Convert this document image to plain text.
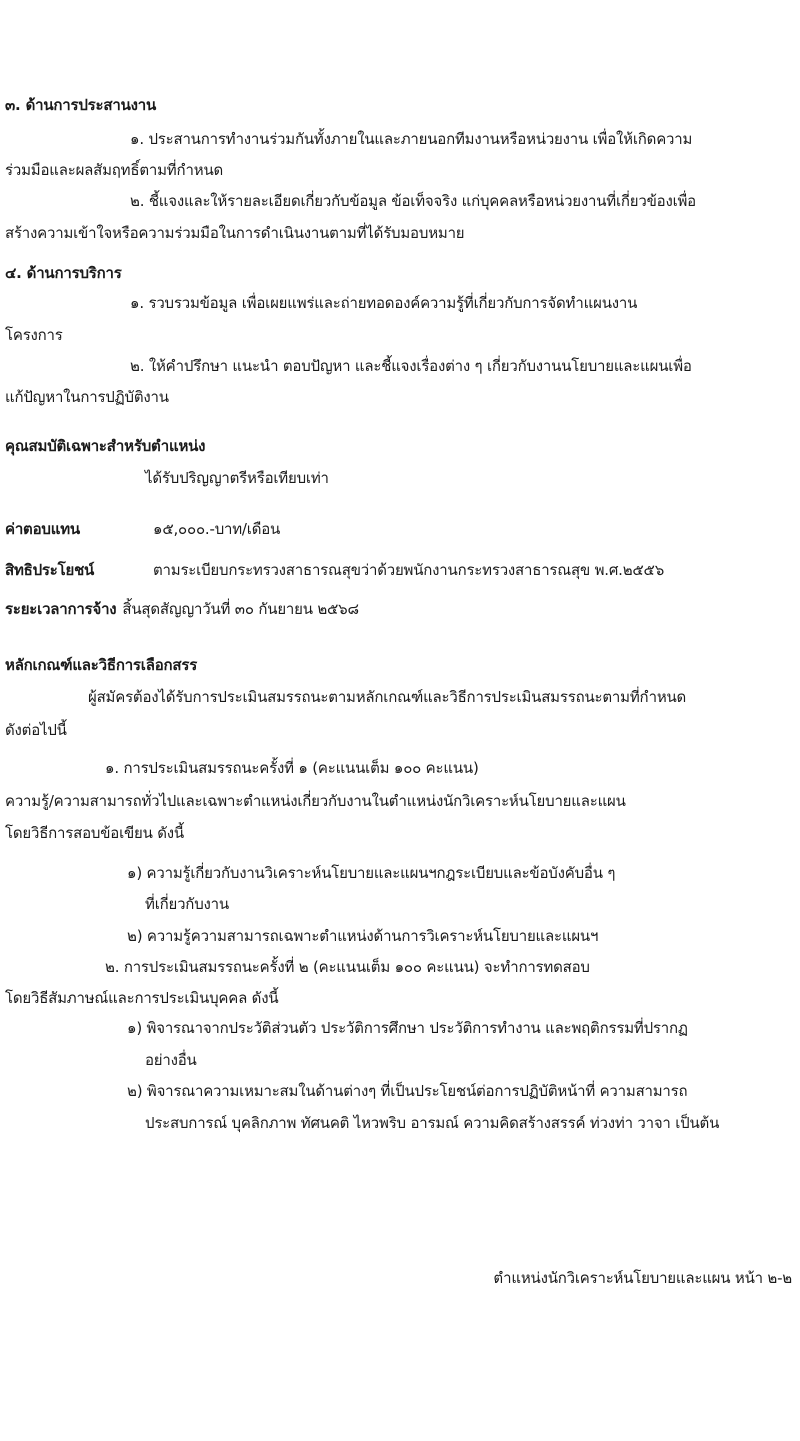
๓. ด้านการประสานงาน

๑. ประสานการทำงานร่วมกันทั้งภายในและภายนอกทีมงานหรือหน่วยงาน เพื่อให้เกิดความ

ร่วมมือและผลสัมฤทธิ์ตามที่กำหนด

๒. ชี้แจงและให้รายละเอียดเกี่ยวกับข้อมูล ข้อเท็จจริง แก่บุคคลหรือหน่วยงานที่เกี่ยวข้องเพื่อ

สร้างความเข้าใจหรือความร่วมมือในการดำเนินงานตามที่ได้รับมอบหมาย

๔. ด้านการบริการ

๑. รวบรวมข้อมูล เพื่อเผยแพร่และถ่ายทอดองค์ความรู้ที่เกี่ยวกับการจัดทำแผนงาน

โครงการ

๒. ให้คำปรึกษา แนะนำ ตอบปัญหา และชี้แจงเรื่องต่าง ๆ เกี่ยวกับงานนโยบายและแผนเพื่อ

แก้ปัญหาในการปฏิบัติงาน

คุณสมบัติเฉพาะสำหรับตำแหน่ง

ได้รับปริญญาตรีหรือเทียบเท่า

ค่าตอบแทน	๑๕,๐๐๐.-บาท/เดือน

สิทธิประโยชน์	ตามระเบียบกระทรวงสาธารณสุขว่าด้วยพนักงานกระทรวงสาธารณสุข พ.ศ.๒๕๕๖

ระยะเวลาการจ้าง สิ้นสุดสัญญาวันที่ ๓๐ กันยายน ๒๕๖๘

หลักเกณฑ์และวิธีการเลือกสรร

ผู้สมัครต้องได้รับการประเมินสมรรถนะตามหลักเกณฑ์และวิธีการประเมินสมรรถนะตามที่กำหนด

ดังต่อไปนี้

๑. การประเมินสมรรถนะครั้งที่ ๑ (คะแนนเต็ม ๑๐๐ คะแนน)

ความรู้/ความสามารถทั่วไปและเฉพาะตำแหน่งเกี่ยวกับงานในตำแหน่งนักวิเคราะห์นโยบายและแผน

โดยวิธีการสอบข้อเขียน ดังนี้

๑) ความรู้เกี่ยวกับงานวิเคราะห์นโยบายและแผนฯกฎระเบียบและข้อบังคับอื่น ๆ

ที่เกี่ยวกับงาน

๒) ความรู้ความสามารถเฉพาะตำแหน่งด้านการวิเคราะห์นโยบายและแผนฯ

๒. การประเมินสมรรถนะครั้งที่ ๒ (คะแนนเต็ม ๑๐๐ คะแนน) จะทำการทดสอบ

โดยวิธีสัมภาษณ์และการประเมินบุคคล ดังนี้

๑) พิจารณาจากประวัติส่วนตัว ประวัติการศึกษา ประวัติการทำงาน และพฤติกรรมที่ปรากฏ

อย่างอื่น

๒) พิจารณาความเหมาะสมในด้านต่างๆ ที่เป็นประโยชน์ต่อการปฏิบัติหน้าที่ ความสามารถ

ประสบการณ์ บุคลิกภาพ ทัศนคติ ไหวพริบ อารมณ์ ความคิดสร้างสรรค์ ท่วงท่า วาจา เป็นต้น

ตำแหน่งนักวิเคราะห์นโยบายและแผน หน้า ๒-๒
